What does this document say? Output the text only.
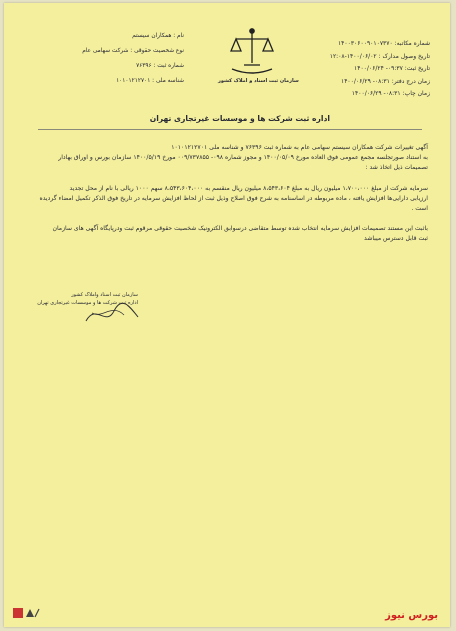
شماره مکاتبه: ۱۴۰۰۳۰۶۰۰۹۰۱۰۷۳۷۰
تاریخ وصول مدارک : ۱۴۰۰/۰۶/۰۲-۱۲:۰۸
تاریخ ثبت: ۰۹:۳۷- ۱۴۰۰/۰۶/۲۴
زمان درج دفتر: ۰۸:۳۱- ۱۴۰۰/۰۶/۲۹
زمان چاپ: ۰۸:۳۱- ۱۴۰۰/۰۶/۲۹
سازمان ثبت اسناد و املاک کشور
نام : همکاران سیستم
نوع شخصیت حقوقی : شرکت سهامی عام
شماره ثبت : ۷۶۳۹۶
شناسه ملی : ۱۰۱۰۱۲۱۲۷۰۱
اداره ثبت شرکت ها و موسسات غیرتجاری تهران
آگهی تغییرات شرکت همکاران سیستم سهامی عام به شماره ثبت ۷۶۳۹۶ و شناسه ملی ۱۰۱۰۱۲۱۲۷۰۱
به استناد صورتجلسه مجمع عمومی فوق العاده مورخ ۱۴۰۰/۰۵/۰۹ و مجوز شماره ۰۹۸- ۰۰۹/۷۳۷۸۵۵ مورخ ۱۴۰۰/۵/۱۹ سازمان بورس و اوراق بهادار
تصمیمات ذیل اتخاذ شد :
سرمایه شرکت از مبلغ ۱،۷۰۰،۰۰۰ میلیون ریال به مبلغ ۸،۵۴۳،۶۰۴ میلیون ریال منقسم به ۸،۵۴۳،۶۰۴،۰۰۰ سهم ۱۰۰۰ ریالی با نام از محل تجدید
ارزیابی دارایی‌ها افزایش یافته ، ماده مربوطه در اساسنامه به شرح فوق اصلاح وذیل ثبت از لحاظ افزایش سرمایه در تاریخ فوق الذکر تکمیل امضاء گردیده
است .
باثبت این مستند تصمیمات افزایش سرمایه انتخاب شده توسط متقاضی درسوابق الکترونیک شخصیت حقوقی مرقوم ثبت ودرپایگاه آگهی های سازمان
ثبت قابل دسترس میباشد
سازمان ثبت اسناد واملاک کشور
اداره ثبت شرکت ها و موسسات غیرتجاری تهران
بورس نیوز
